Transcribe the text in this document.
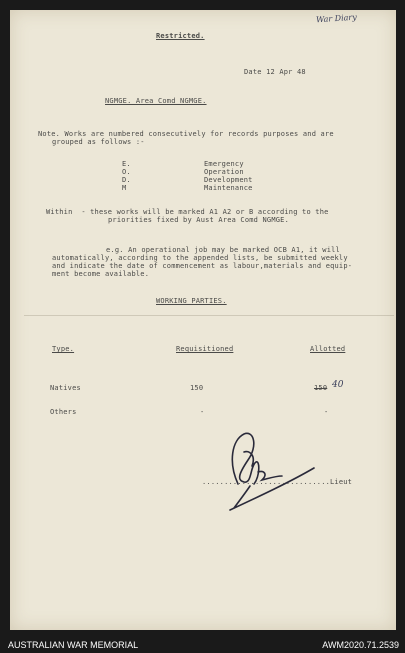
War Diary
Restricted.
Date 12 Apr 48
NGMGE. Area Comd NGMGE.
Note. Works are numbered consecutively for records purposes and are
grouped as follows :-
E.	Emergency
O.	Operation
D.	Development
M	Maintenance
Within  - these works will be marked A1 A2 or B according to the
priorities fixed by Aust Area Comd NGMGE.
e.g. An operational job may be marked OCB A1, it will
automatically, according to the appended lists, be submitted weekly
and indicate the date of commencement as labour,materials and equip-
ment become available.
WORKING PARTIES.
Type.	Requisitioned	Allotted
Natives	150	150 40
Others	-	-
.............................Lieut
AUSTRALIAN WAR MEMORIAL	AWM2020.71.2539
